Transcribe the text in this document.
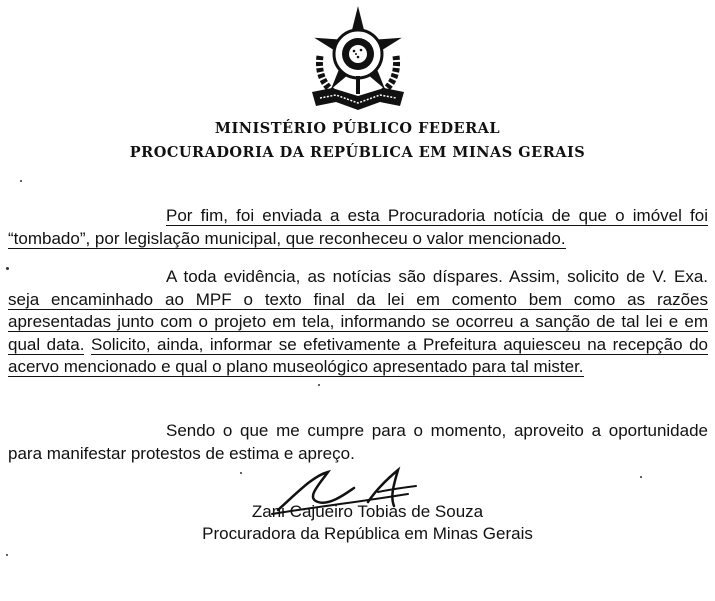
MINISTÉRIO PÚBLICO FEDERAL
PROCURADORIA DA REPÚBLICA EM MINAS GERAIS

Por fim, foi enviada a esta Procuradoria notícia de que o imóvel foi “tombado”, por legislação municipal, que reconheceu o valor mencionado.

A toda evidência, as notícias são díspares. Assim, solicito de V. Exa. seja encaminhado ao MPF o texto final da lei em comento bem como as razões apresentadas junto com o projeto em tela, informando se ocorreu a sanção de tal lei e em qual data. Solicito, ainda, informar se efetivamente a Prefeitura aquiesceu na recepção do acervo mencionado e qual o plano museológico apresentado para tal mister.

Sendo o que me cumpre para o momento, aproveito a oportunidade para manifestar protestos de estima e apreço.

Zani Cajueiro Tobias de Souza
Procuradora da República em Minas Gerais
